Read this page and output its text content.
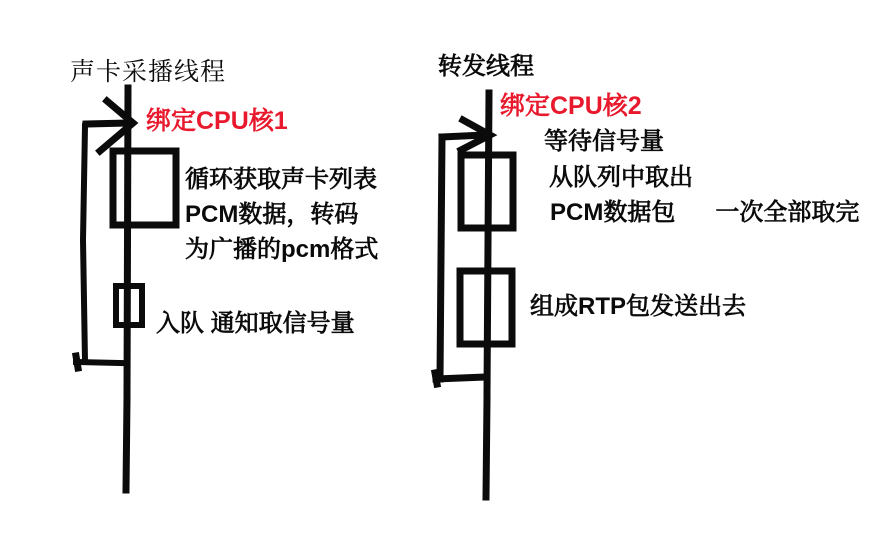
声卡采播线程
绑定CPU核1
循环获取声卡列表
PCM数据，转码
为广播的pcm格式
入队 通知取信号量
转发线程
绑定CPU核2
等待信号量
从队列中取出
PCM数据包 一次全部取完
组成RTP包发送出去
